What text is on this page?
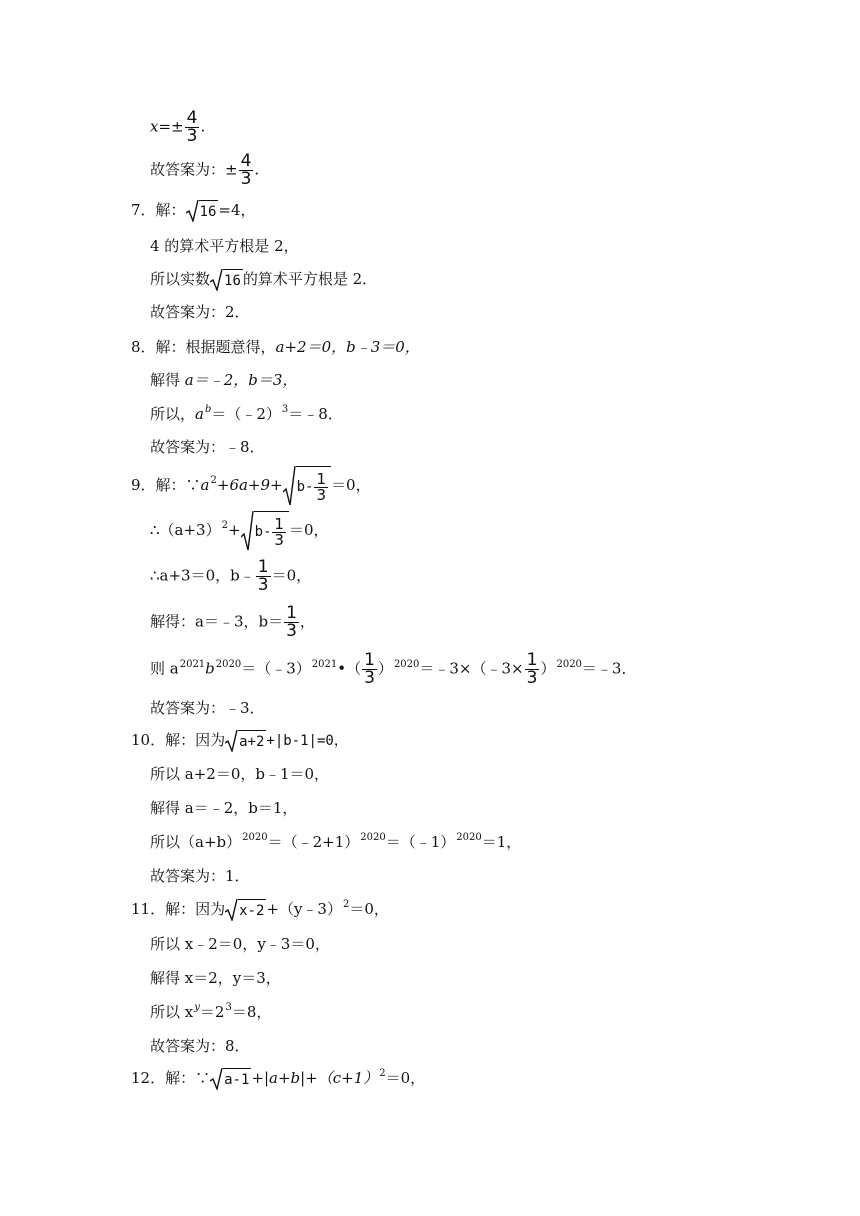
$x=\pm \frac{4}{3}$ .
故答案为：± $\frac{4}{3}$ .
7．解： 16 =4，
4 的算术平方根是 2，
所以实数 16 的算术平方根是 2．
故答案为：2．
8．解：根据题意得，a+2＝0，b﹣3＝0，
解得 a＝﹣2，b＝3，
所以，$a^b=(﹣2)^3=﹣8$．
故答案为：﹣8．
9．解：$\because a^2+6a+9+ b- \frac{1}{3} =0$，
$\therefore(a+3)^2+ b- \frac{1}{3} =0$，
∴a+3＝0，b﹣ $\frac{1}{3} =0$，
解得：a＝﹣3，$b= \frac{1}{3}$ ，
则 $a^{2021}b^{2020}=(﹣3)^{2021}•( \frac{1}{3}$ ）$^{2020}$＝﹣3×（﹣3× $\frac{1}{3}$ ）$^{2020}$＝﹣3．
故答案为：﹣3．
10．解：因为 a+2 +|b-1|=0，
所以 a+2＝0，b﹣1＝0，
解得 a＝﹣2，b＝1，
所以$(a+b)^{2020}=(﹣2+1)^{2020}=(﹣1)^{2020}=1$，
故答案为：1．
11．解：因为 x-2 +（y﹣3）$^2$＝0，
所以 x﹣2＝0，y﹣3＝0，
解得 x＝2，y＝3，
所以 $x^y=2^3=8$，
故答案为：8．
12．解：∵ $a-1 +|a+b|+(c+1)^2=0$，
